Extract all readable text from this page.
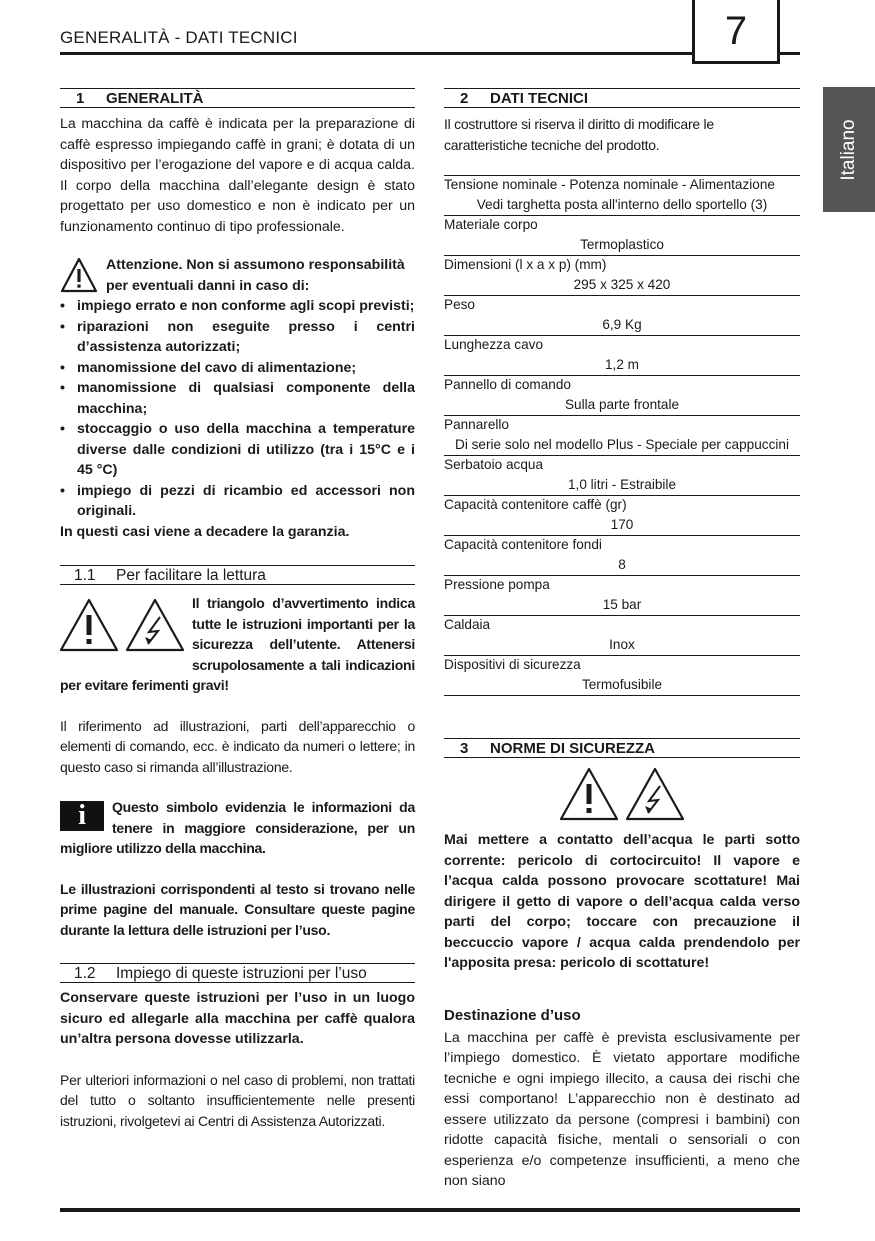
GENERALITÀ - DATI TECNICI	7
Italiano
1 GENERALITÀ

La macchina da caffè è indicata per la preparazione di caffè espresso impiegando caffè in grani; è dotata di un dispositivo per l’erogazione del vapore e di acqua calda. Il corpo della macchina dall’elegante design è stato progettato per uso domestico e non è indicato per un funzionamento continuo di tipo professionale.

Attenzione. Non si assumono responsabilità per eventuali danni in caso di:
• impiego errato e non conforme agli scopi previsti;
• riparazioni non eseguite presso i centri d’assistenza autorizzati;
• manomissione del cavo di alimentazione;
• manomissione di qualsiasi componente della macchina;
• stoccaggio o uso della macchina a temperature diverse dalle condizioni di utilizzo (tra i 15°C e i 45 °C)
• impiego di pezzi di ricambio ed accessori non originali.

In questi casi viene a decadere la garanzia.

1.1 Per facilitare la lettura

Il triangolo d’avvertimento indica tutte le istruzioni importanti per la sicurezza dell’utente. Attenersi scrupolosamente a tali indicazioni per evitare ferimenti gravi!

Il riferimento ad illustrazioni, parti dell’apparecchio o elementi di comando, ecc. è indicato da numeri o lettere; in questo caso si rimanda all’illustrazione.

i	Questo simbolo evidenzia le informazioni da tenere in maggiore considerazione, per un migliore utilizzo della macchina.

Le illustrazioni corrispondenti al testo si trovano nelle prime pagine del manuale. Consultare queste pagine durante la lettura delle istruzioni per l’uso.

1.2 Impiego di queste istruzioni per l’uso

Conservare queste istruzioni per l’uso in un luogo sicuro ed allegarle alla macchina per caffè qualora un’altra persona dovesse utilizzarla.

Per ulteriori informazioni o nel caso di problemi, non trattati del tutto o soltanto insufficientemente nelle presenti istruzioni, rivolgetevi ai Centri di Assistenza Autorizzati.

2 DATI TECNICI

Il costruttore si riserva il diritto di modificare le caratteristiche tecniche del prodotto.

Tensione nominale - Potenza nominale - Alimentazione
Vedi targhetta posta all'interno dello sportello (3)

Materiale corpo
Termoplastico

Dimensioni (l x a x p) (mm)
295 x 325 x 420

Peso
6,9 Kg

Lunghezza cavo
1,2 m

Pannello di comando
Sulla parte frontale

Pannarello
Di serie solo nel modello Plus - Speciale per cappuccini

Serbatoio acqua
1,0 litri - Estraibile

Capacità contenitore caffè (gr)
170

Capacità contenitore fondi
8

Pressione pompa
15 bar

Caldaia
Inox

Dispositivi di sicurezza
Termofusibile
3 NORME DI SICUREZZA

Mai mettere a contatto dell’acqua le parti sotto corrente: pericolo di cortocircuito! Il vapore e l’acqua calda possono provocare scottature! Mai dirigere il getto di vapore o dell’acqua calda verso parti del corpo; toccare con precauzione il beccuccio vapore / acqua calda prendendolo per l'apposita presa: pericolo di scottature!

Destinazione d’uso

La macchina per caffè è prevista esclusivamente per l’impiego domestico. È vietato apportare modifiche tecniche e ogni impiego illecito, a causa dei rischi che essi comportano! L’apparecchio non è destinato ad essere utilizzato da persone (compresi i bambini) con ridotte capacità fisiche, mentali o sensoriali o con esperienza e/o competenze insufficienti, a meno che non siano
